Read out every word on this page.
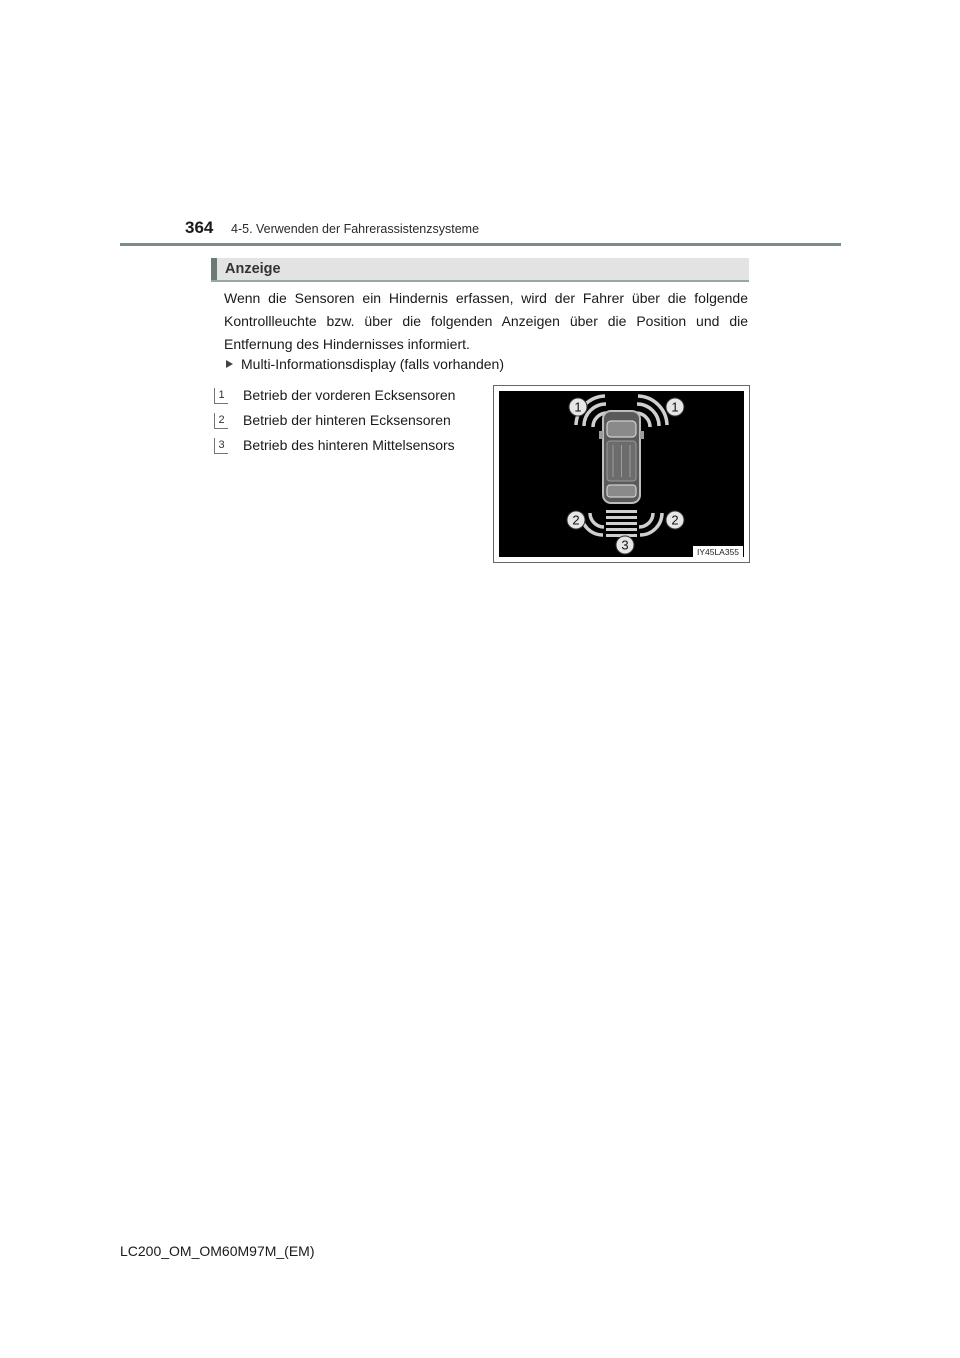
364 4-5. Verwenden der Fahrerassistenzsysteme
Anzeige
Wenn die Sensoren ein Hindernis erfassen, wird der Fahrer über die folgende Kontrollleuchte bzw. über die folgenden Anzeigen über die Position und die Entfernung des Hindernisses informiert.
Multi-Informationsdisplay (falls vorhanden)
1 Betrieb der vorderen Ecksensoren
2 Betrieb der hinteren Ecksensoren
3 Betrieb des hinteren Mittelsensors
1	1
2	2
3	IY45LA355
LC200_OM_OM60M97M_(EM)
